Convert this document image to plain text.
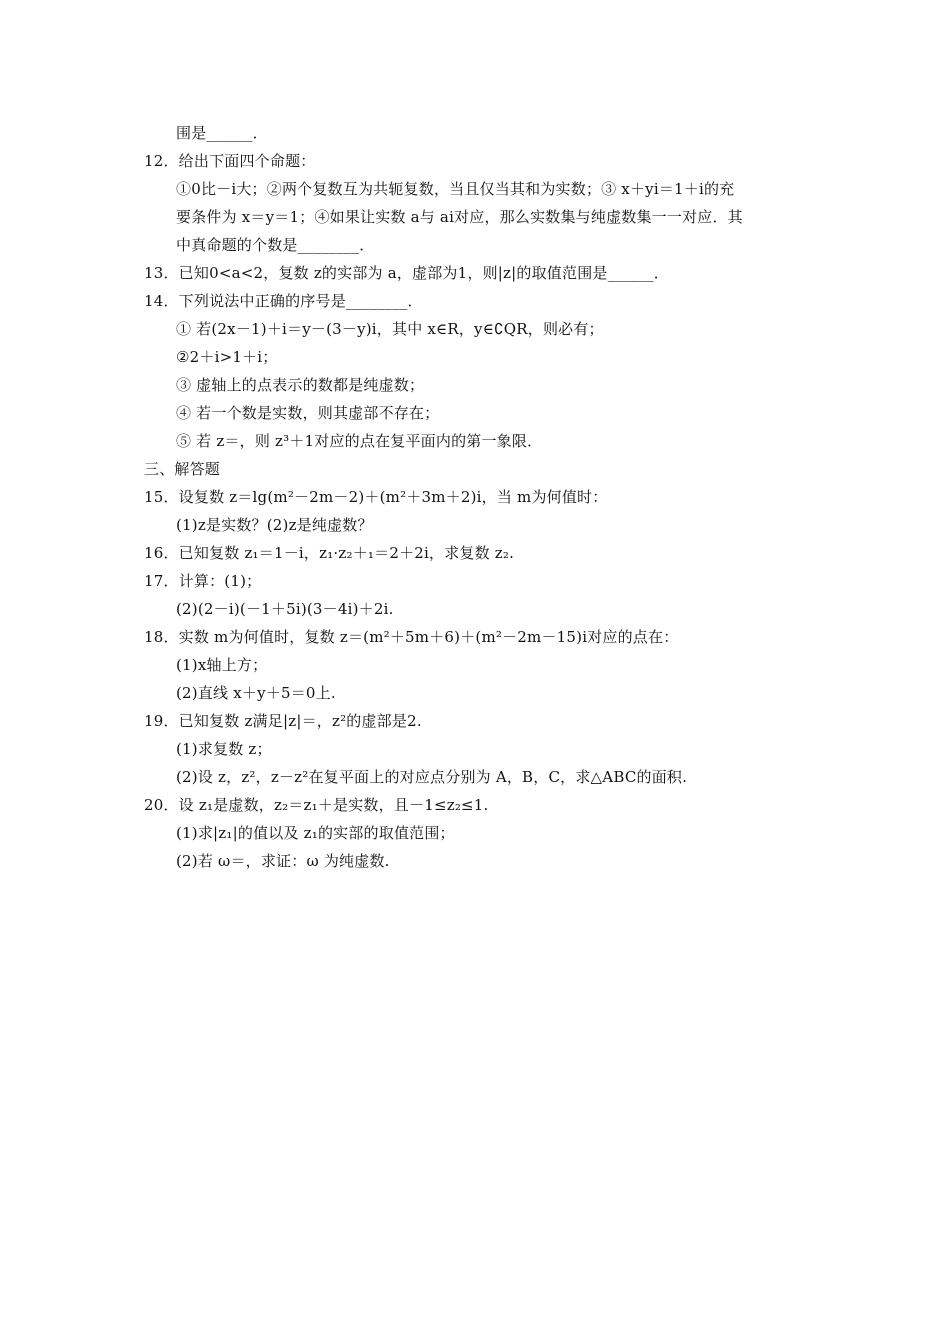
围是______．
12．给出下面四个命题：
①0比－i大；②两个复数互为共轭复数，当且仅当其和为实数；③ x＋yi＝1＋i的充
要条件为 x＝y＝1；④如果让实数 a与 ai对应，那么实数集与纯虚数集一一对应．其
中真命题的个数是________．
13．已知0<a<2，复数 z的实部为 a，虚部为1，则|z|的取值范围是______．
14．下列说法中正确的序号是________．
① 若(2x－1)＋i＝y－(3－y)i，其中 x∈R，y∈∁QR，则必有；
②2＋i>1＋i；
③ 虚轴上的点表示的数都是纯虚数；
④ 若一个数是实数，则其虚部不存在；
⑤ 若 z＝，则 z³＋1对应的点在复平面内的第一象限．
三、解答题
15．设复数 z＝lg(m²－2m－2)＋(m²＋3m＋2)i，当 m为何值时：
(1)z是实数？(2)z是纯虚数？
16．已知复数 z₁＝1－i，z₁·z₂＋₁＝2＋2i，求复数 z₂.
17．计算：(1)；
(2)(2－i)(－1＋5i)(3－4i)＋2i.
18．实数 m为何值时，复数 z＝(m²＋5m＋6)＋(m²－2m－15)i对应的点在：
(1)x轴上方；
(2)直线 x＋y＋5＝0上.
19．已知复数 z满足|z|＝，z²的虚部是2.
(1)求复数 z；
(2)设 z，z²，z－z²在复平面上的对应点分别为 A，B，C，求△ABC的面积.
20．设 z₁是虚数，z₂＝z₁＋是实数，且－1≤z₂≤1.
(1)求|z₁|的值以及 z₁的实部的取值范围；
(2)若 ω＝，求证：ω 为纯虚数.
